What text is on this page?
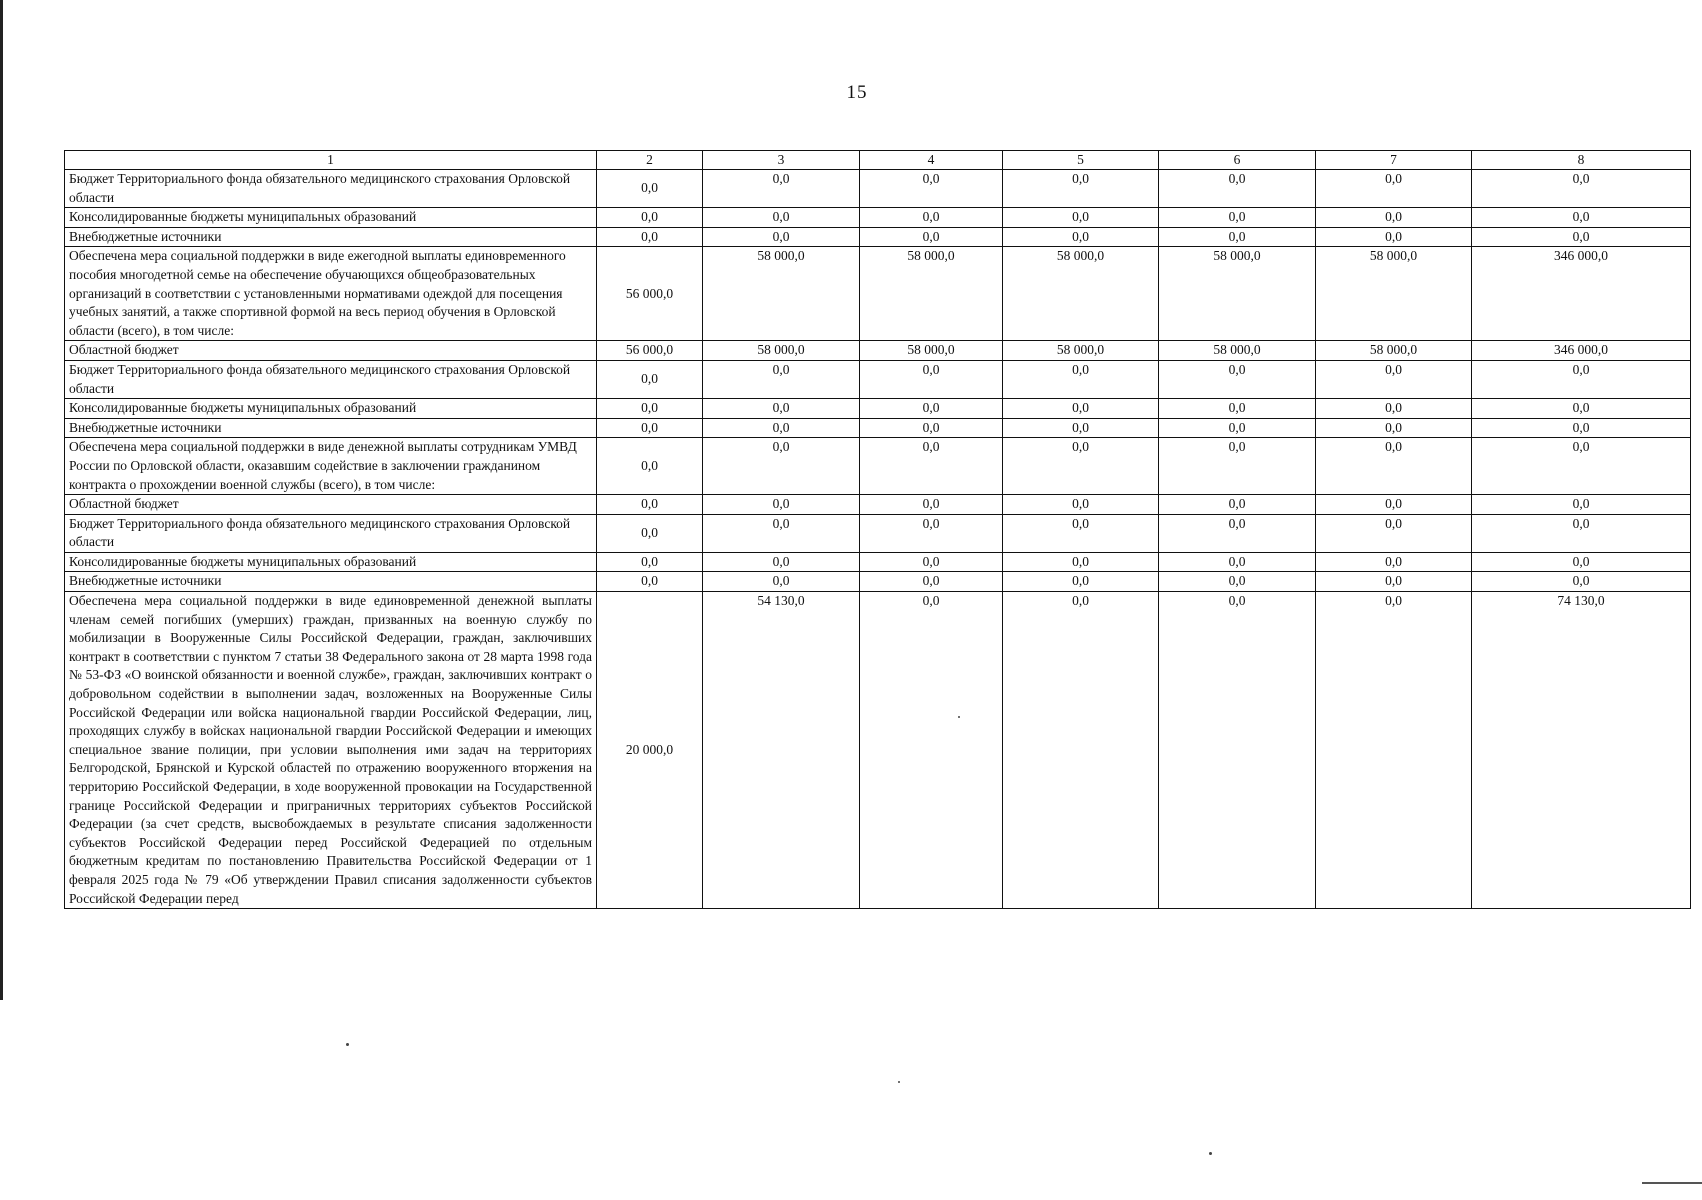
15
1	2	3	4	5	6	7	8
Бюджет Территориального фонда обязательного медицинского страхования Орловской области	0,0	0,0	0,0	0,0	0,0	0,0	0,0
Консолидированные бюджеты муниципальных образований	0,0	0,0	0,0	0,0	0,0	0,0	0,0
Внебюджетные источники	0,0	0,0	0,0	0,0	0,0	0,0	0,0
Обеспечена мера социальной поддержки в виде ежегодной выплаты единовременного пособия многодетной семье на обеспечение обучающихся общеобразовательных организаций в соответствии с установленными нормативами одеждой для посещения учебных занятий, а также спортивной формой на весь период обучения в Орловской области (всего), в том числе:	56 000,0	58 000,0	58 000,0	58 000,0	58 000,0	58 000,0	346 000,0
Областной бюджет	56 000,0	58 000,0	58 000,0	58 000,0	58 000,0	58 000,0	346 000,0
Бюджет Территориального фонда обязательного медицинского страхования Орловской области	0,0	0,0	0,0	0,0	0,0	0,0	0,0
Консолидированные бюджеты муниципальных образований	0,0	0,0	0,0	0,0	0,0	0,0	0,0
Внебюджетные источники	0,0	0,0	0,0	0,0	0,0	0,0	0,0
Обеспечена мера социальной поддержки в виде денежной выплаты сотрудникам УМВД России по Орловской области, оказавшим содействие в заключении гражданином контракта о прохождении военной службы (всего), в том числе:	0,0	0,0	0,0	0,0	0,0	0,0	0,0
Областной бюджет	0,0	0,0	0,0	0,0	0,0	0,0	0,0
Бюджет Территориального фонда обязательного медицинского страхования Орловской области	0,0	0,0	0,0	0,0	0,0	0,0	0,0
Консолидированные бюджеты муниципальных образований	0,0	0,0	0,0	0,0	0,0	0,0	0,0
Внебюджетные источники	0,0	0,0	0,0	0,0	0,0	0,0	0,0
Обеспечена мера социальной поддержки в виде единовременной денежной выплаты членам семей погибших (умерших) граждан, призванных на военную службу по мобилизации в Вооруженные Силы Российской Федерации, граждан, заключивших контракт в соответствии с пунктом 7 статьи 38 Федерального закона от 28 марта 1998 года № 53-ФЗ «О воинской обязанности и военной службе», граждан, заключивших контракт о добровольном содействии в выполнении задач, возложенных на Вооруженные Силы Российской Федерации или войска национальной гвардии Российской Федерации, лиц, проходящих службу в войсках национальной гвардии Российской Федерации и имеющих специальное звание полиции, при условии выполнения ими задач на территориях Белгородской, Брянской и Курской областей по отражению вооруженного вторжения на территорию Российской Федерации, в ходе вооруженной провокации на Государственной границе Российской Федерации и приграничных территориях субъектов Российской Федерации (за счет средств, высвобождаемых в результате списания задолженности субъектов Российской Федерации перед Российской Федерацией по отдельным бюджетным кредитам по постановлению Правительства Российской Федерации от 1 февраля 2025 года № 79 «Об утверждении Правил списания задолженности субъектов Российской Федерации перед	20 000,0	54 130,0	0,0	0,0	0,0	0,0	74 130,0
